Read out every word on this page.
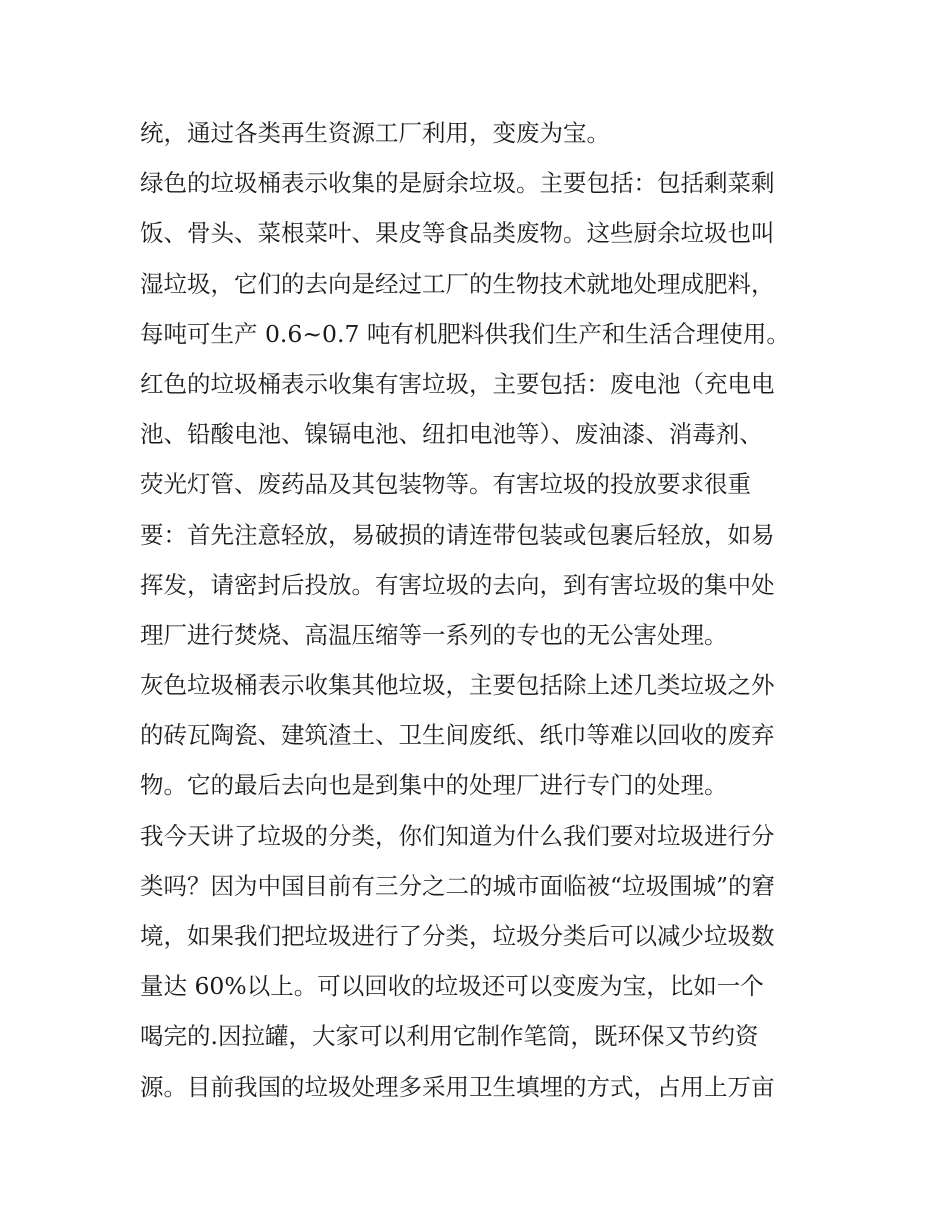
统，通过各类再生资源工厂利用，变废为宝。
绿色的垃圾桶表示收集的是厨余垃圾。主要包括：包括剩菜剩
饭、骨头、菜根菜叶、果皮等食品类废物。这些厨余垃圾也叫
湿垃圾，它们的去向是经过工厂的生物技术就地处理成肥料，
每吨可生产 0.6~0.7 吨有机肥料供我们生产和生活合理使用。
红色的垃圾桶表示收集有害垃圾，主要包括：废电池（充电电
池、铅酸电池、镍镉电池、纽扣电池等）、废油漆、消毒剂、
荧光灯管、废药品及其包装物等。有害垃圾的投放要求很重
要：首先注意轻放，易破损的请连带包装或包裹后轻放，如易
挥发，请密封后投放。有害垃圾的去向，到有害垃圾的集中处
理厂进行焚烧、高温压缩等一系列的专也的无公害处理。
灰色垃圾桶表示收集其他垃圾，主要包括除上述几类垃圾之外
的砖瓦陶瓷、建筑渣土、卫生间废纸、纸巾等难以回收的废弃
物。它的最后去向也是到集中的处理厂进行专门的处理。
我今天讲了垃圾的分类，你们知道为什么我们要对垃圾进行分
类吗？因为中国目前有三分之二的城市面临被“垃圾围城”的窘
境，如果我们把垃圾进行了分类，垃圾分类后可以减少垃圾数
量达 60%以上。可以回收的垃圾还可以变废为宝，比如一个
喝完的.因拉罐，大家可以利用它制作笔筒，既环保又节约资
源。目前我国的垃圾处理多采用卫生填埋的方式，占用上万亩
